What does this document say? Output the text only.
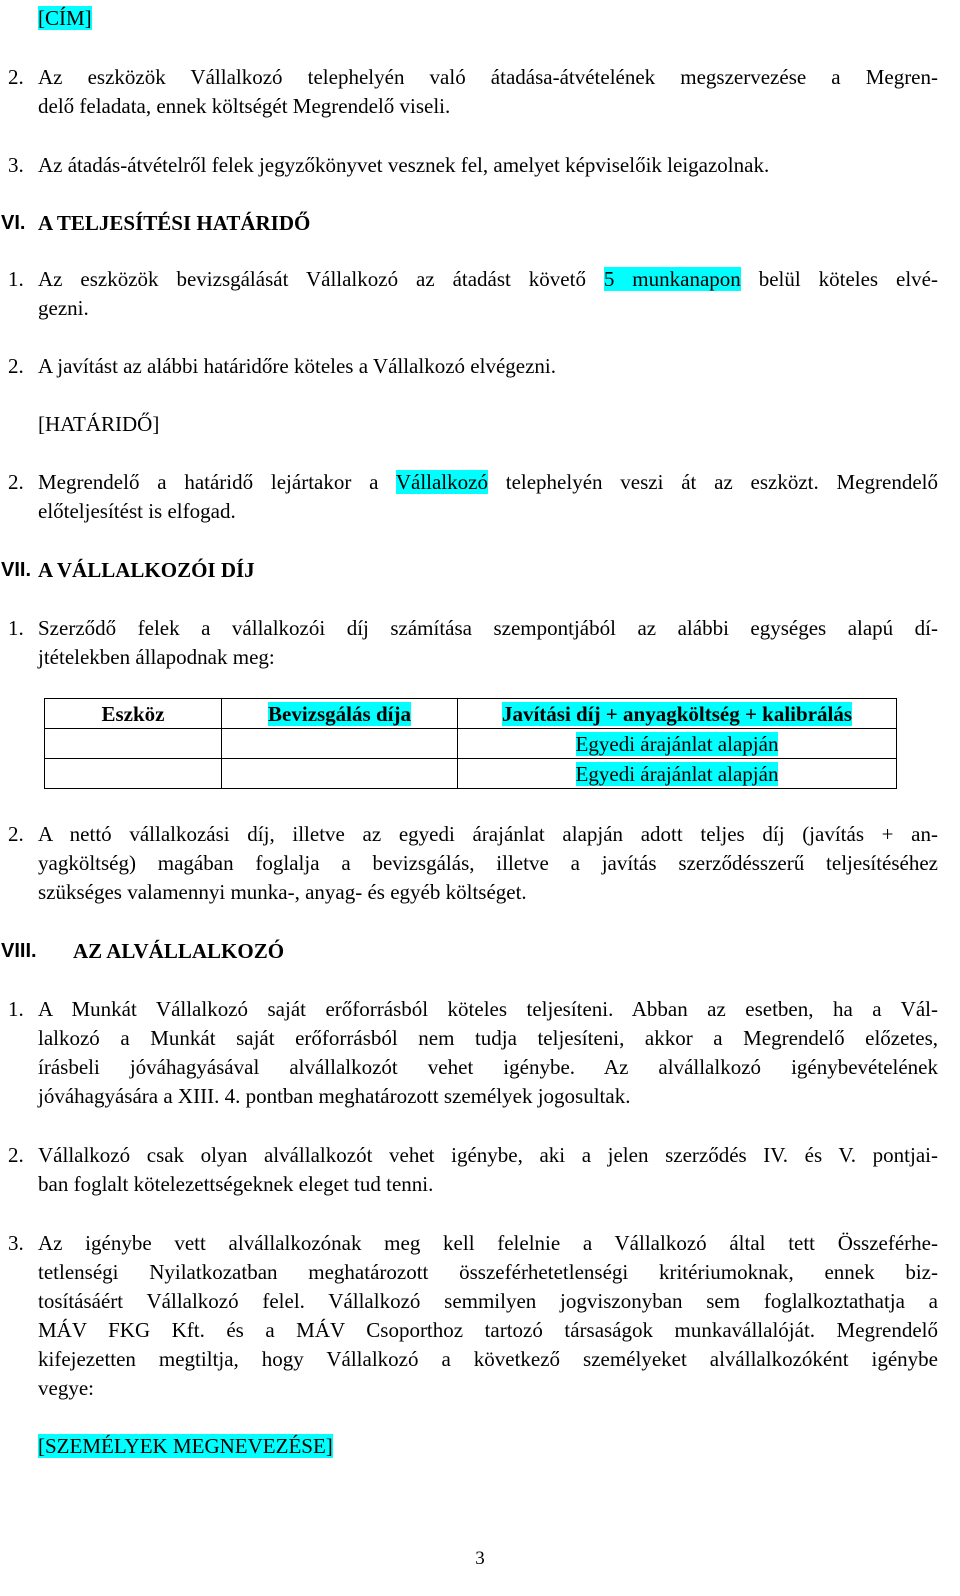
[CÍM]
2. Az eszközök Vállalkozó telephelyén való átadása-átvételének megszervezése a Megren-
delő feladata, ennek költségét Megrendelő viseli.
3. Az átadás-átvételről felek jegyzőkönyvet vesznek fel, amelyet képviselőik leigazolnak.
VI. A TELJESÍTÉSI HATÁRIDŐ
1. Az eszközök bevizsgálását Vállalkozó az átadást követő 5 munkanapon belül köteles elvé-
gezni.
2. A javítást az alábbi határidőre köteles a Vállalkozó elvégezni.
[HATÁRIDŐ]
2. Megrendelő a határidő lejártakor a Vállalkozó telephelyén veszi át az eszközt. Megrendelő
előteljesítést is elfogad.
VII. A VÁLLALKOZÓI DÍJ
1. Szerződő felek a vállalkozói díj számítása szempontjából az alábbi egységes alapú dí-
jtételekben állapodnak meg:
Eszköz	Bevizsgálás díja	Javítási díj + anyagköltség + kalibrálás
		Egyedi árajánlat alapján
		Egyedi árajánlat alapján
2. A nettó vállalkozási díj, illetve az egyedi árajánlat alapján adott teljes díj (javítás + an-
yagköltség) magában foglalja a bevizsgálás, illetve a javítás szerződésszerű teljesítéséhez
szükséges valamennyi munka-, anyag- és egyéb költséget.
VIII. AZ ALVÁLLALKOZÓ
1. A Munkát Vállalkozó saját erőforrásból köteles teljesíteni. Abban az esetben, ha a Vál-
lalkozó a Munkát saját erőforrásból nem tudja teljesíteni, akkor a Megrendelő előzetes,
írásbeli jóváhagyásával alvállalkozót vehet igénybe. Az alvállalkozó igénybevételének
jóváhagyására a XIII. 4. pontban meghatározott személyek jogosultak.
2. Vállalkozó csak olyan alvállalkozót vehet igénybe, aki a jelen szerződés IV. és V. pontjai-
ban foglalt kötelezettségeknek eleget tud tenni.
3. Az igénybe vett alvállalkozónak meg kell felelnie a Vállalkozó által tett Összeférhe-
tetlenségi Nyilatkozatban meghatározott összeférhetetlenségi kritériumoknak, ennek biz-
tosításáért Vállalkozó felel. Vállalkozó semmilyen jogviszonyban sem foglalkoztathatja a
MÁV FKG Kft. és a MÁV Csoporthoz tartozó társaságok munkavállalóját. Megrendelő
kifejezetten megtiltja, hogy Vállalkozó a következő személyeket alvállalkozóként igénybe
vegye:
[SZEMÉLYEK MEGNEVEZÉSE]
3
